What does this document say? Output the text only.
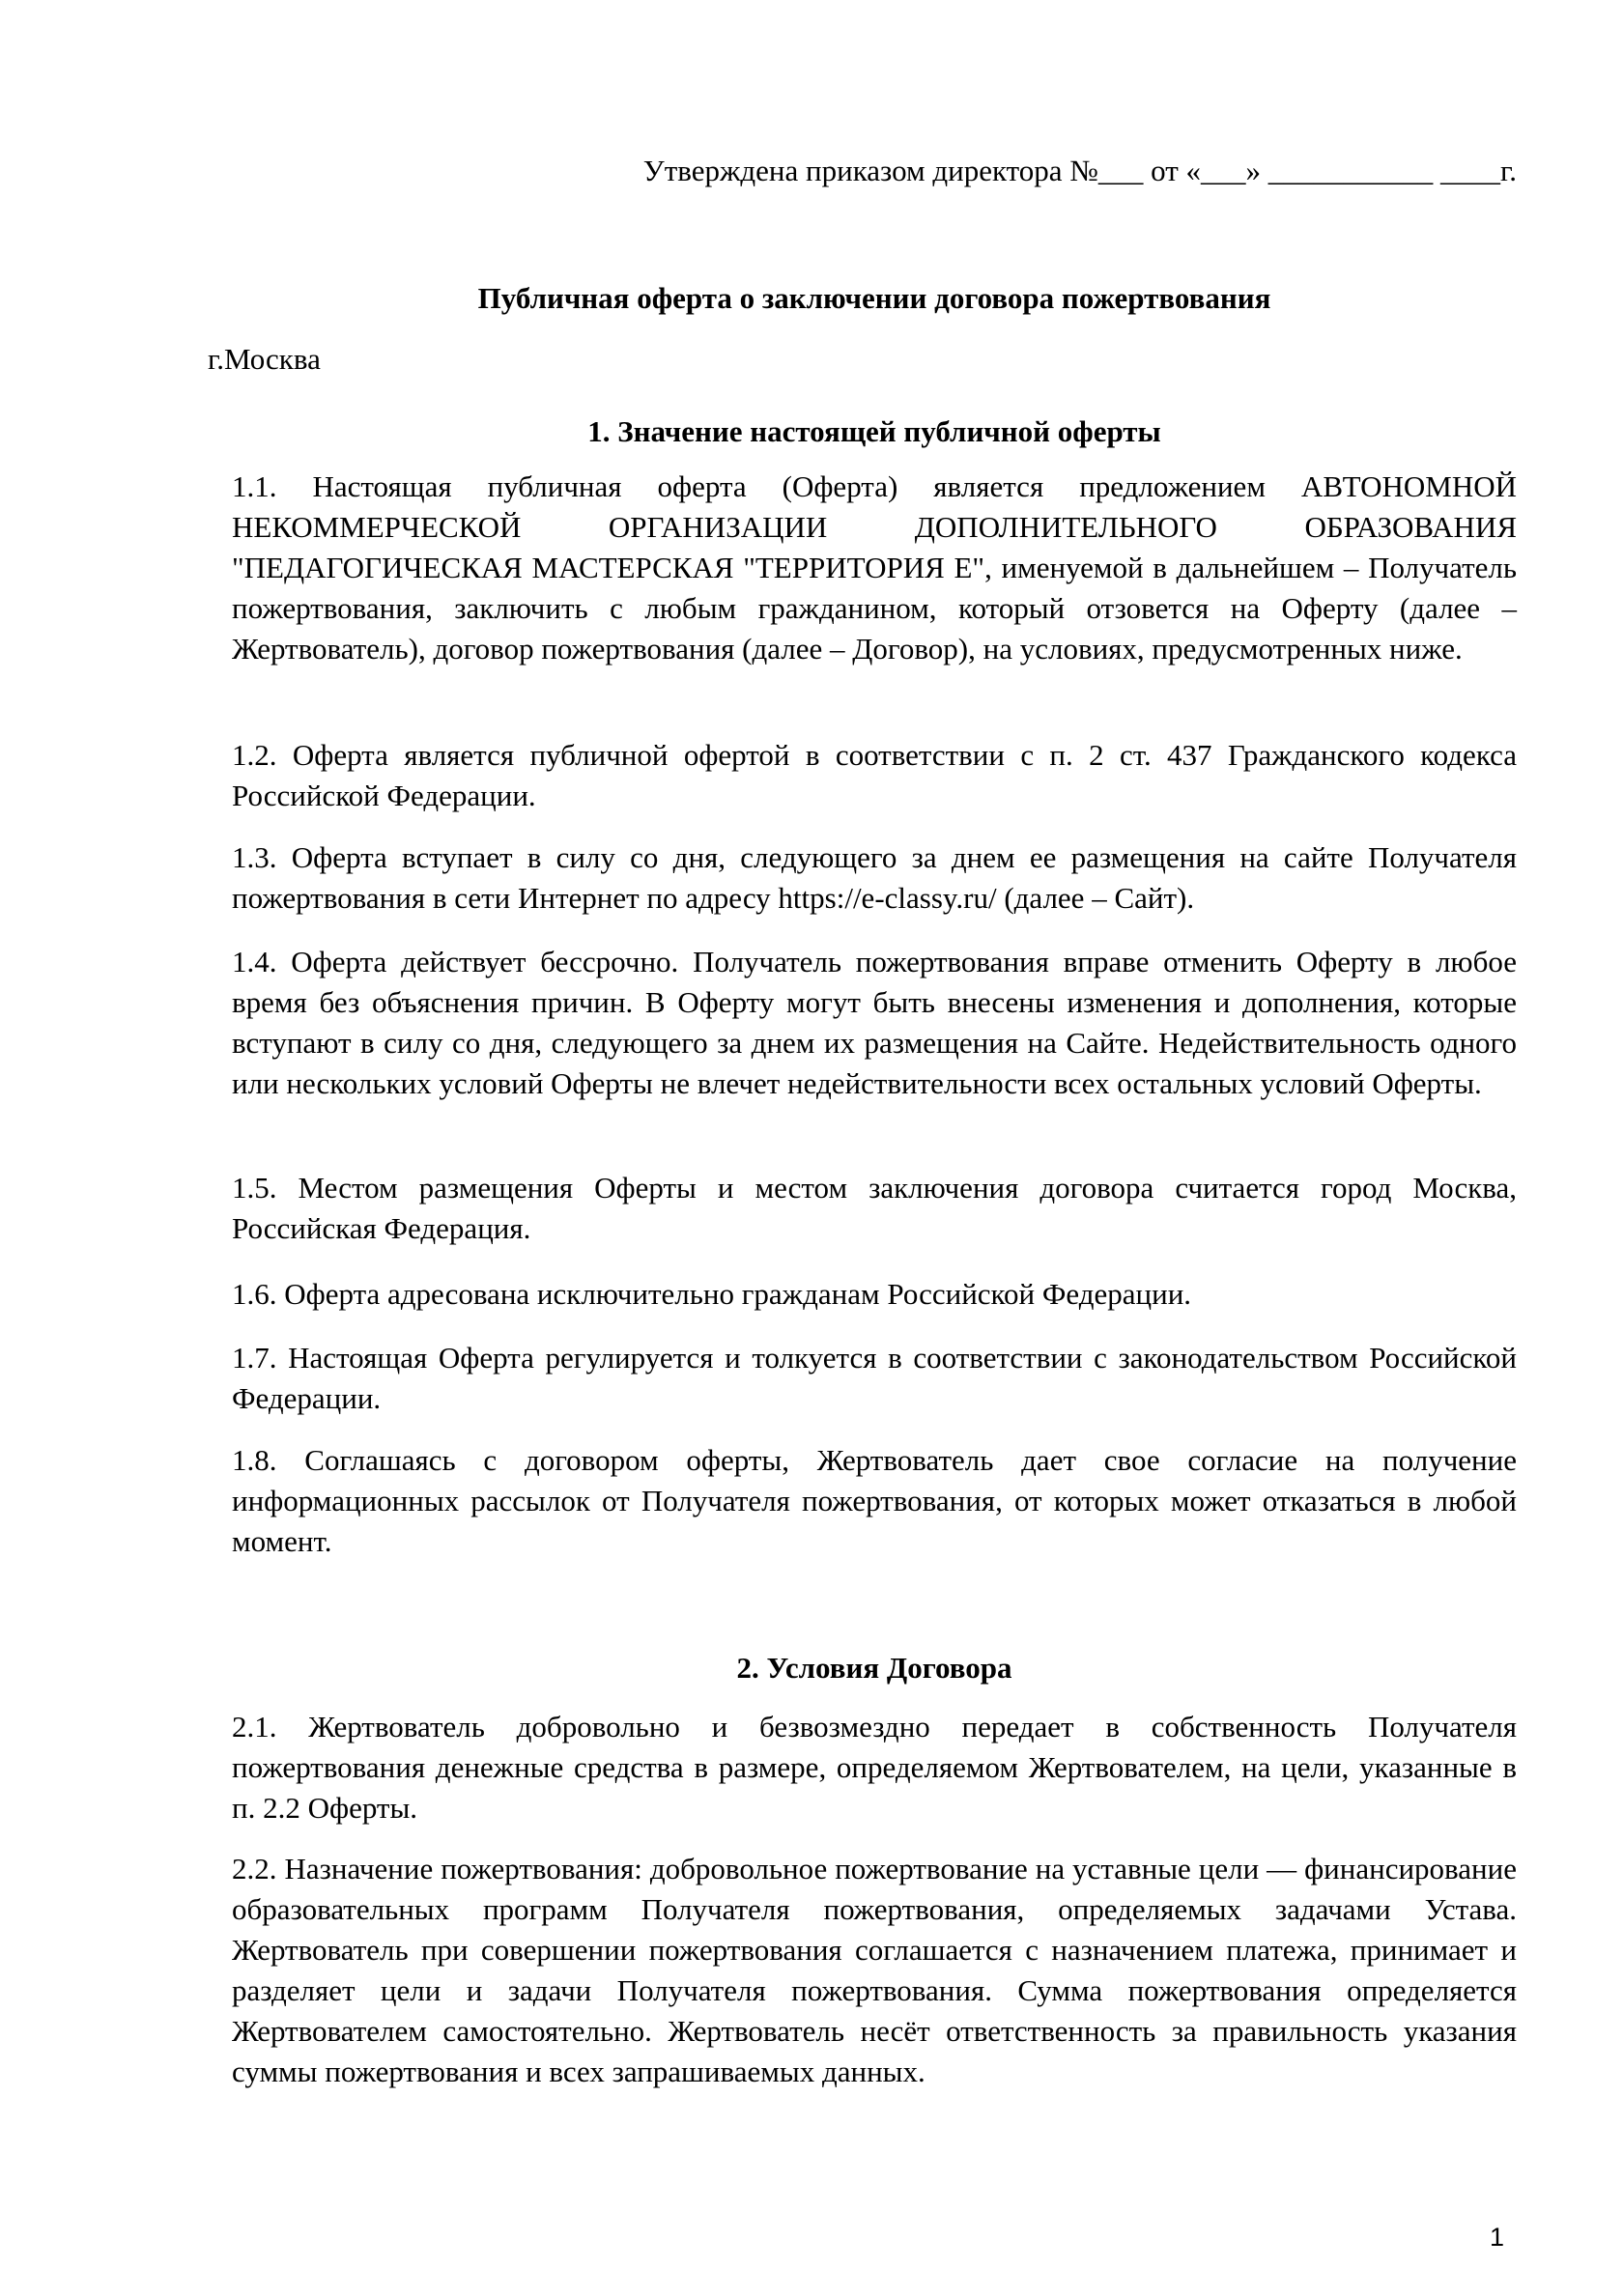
Утверждена приказом директора №___ от «___» ___________ ____г.
Публичная оферта о заключении договора пожертвования
г.Москва
1. Значение настоящей публичной оферты

1.1. Настоящая публичная оферта (Оферта) является предложением АВТОНОМНОЙ НЕКОММЕРЧЕСКОЙ ОРГАНИЗАЦИИ ДОПОЛНИТЕЛЬНОГО ОБРАЗОВАНИЯ "ПЕДАГОГИЧЕСКАЯ МАСТЕРСКАЯ "ТЕРРИТОРИЯ Е", именуемой в дальнейшем – Получатель пожертвования, заключить с любым гражданином, который отзовется на Оферту (далее – Жертвователь), договор пожертвования (далее – Договор), на условиях, предусмотренных ниже.

1.2. Оферта является публичной офертой в соответствии с п. 2 ст. 437 Гражданского кодекса Российской Федерации.

1.3. Оферта вступает в силу со дня, следующего за днем ее размещения на сайте Получателя пожертвования в сети Интернет по адресу https://e-classy.ru/ (далее – Сайт).

1.4. Оферта действует бессрочно. Получатель пожертвования вправе отменить Оферту в любое время без объяснения причин. В Оферту могут быть внесены изменения и дополнения, которые вступают в силу со дня, следующего за днем их размещения на Сайте. Недействительность одного или нескольких условий Оферты не влечет недействительности всех остальных условий Оферты.

1.5. Местом размещения Оферты и местом заключения договора считается город Москва, Российская Федерация.

1.6. Оферта адресована исключительно гражданам Российской Федерации.

1.7. Настоящая Оферта регулируется и толкуется в соответствии с законодательством Российской Федерации.

1.8. Соглашаясь с договором оферты, Жертвователь дает свое согласие на получение информационных рассылок от Получателя пожертвования, от которых может отказаться в любой момент.

2. Условия Договора

2.1. Жертвователь добровольно и безвозмездно передает в собственность Получателя пожертвования денежные средства в размере, определяемом Жертвователем, на цели, указанные в п. 2.2 Оферты.

2.2. Назначение пожертвования: добровольное пожертвование на уставные цели — финансирование образовательных программ Получателя пожертвования, определяемых задачами Устава. Жертвователь при совершении пожертвования соглашается с назначением платежа, принимает и разделяет цели и задачи Получателя пожертвования. Сумма пожертвования определяется Жертвователем самостоятельно. Жертвователь несёт ответственность за правильность указания суммы пожертвования и всех запрашиваемых данных.

1
